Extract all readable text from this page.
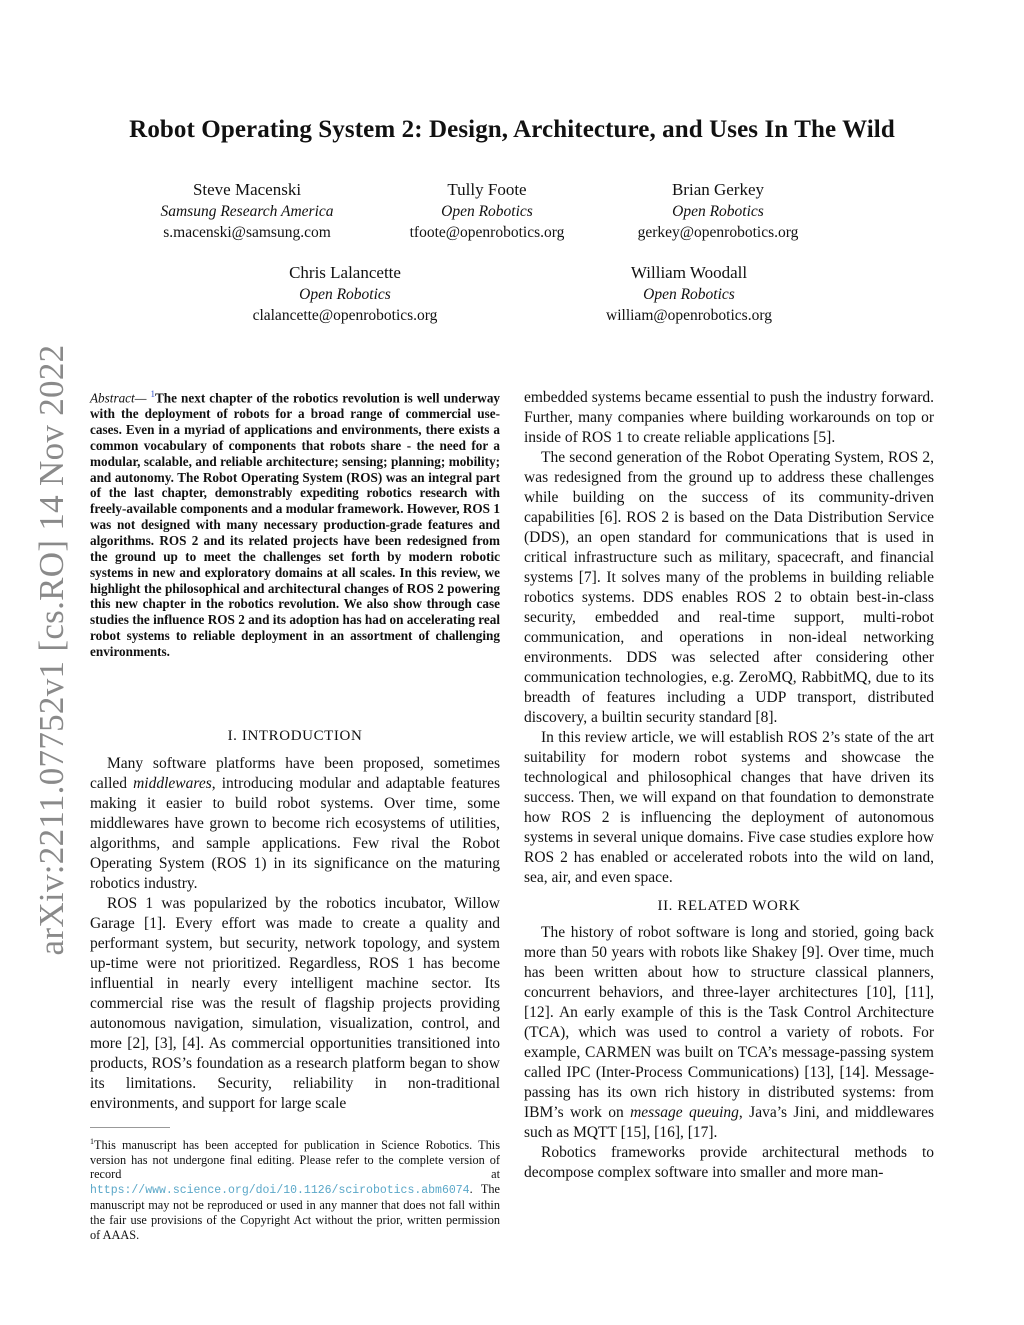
Robot Operating System 2: Design, Architecture, and Uses In The Wild
Steve Macenski
Samsung Research America
s.macenski@samsung.com
Tully Foote
Open Robotics
tfoote@openrobotics.org
Brian Gerkey
Open Robotics
gerkey@openrobotics.org
Chris Lalancette
Open Robotics
clalancette@openrobotics.org
William Woodall
Open Robotics
william@openrobotics.org
arXiv:2211.07752v1 [cs.RO] 14 Nov 2022 Abstract— $^1$The next chapter of the robotics revolution is well underway with the deployment of robots for a broad range of commercial use-cases. Even in a myriad of applications and environments, there exists a common vocabulary of components that robots share - the need for a modular, scalable, and reliable architecture; sensing; planning; mobility; and autonomy. The Robot Operating System (ROS) was an integral part of the last chapter, demonstrably expediting robotics research with freely-available components and a modular framework. However, ROS 1 was not designed with many necessary production-grade features and algorithms. ROS 2 and its related projects have been redesigned from the ground up to meet the challenges set forth by modern robotic systems in new and exploratory domains at all scales. In this review, we highlight the philosophical and architectural changes of ROS 2 powering this new chapter in the robotics revolution. We also show through case studies the influence ROS 2 and its adoption has had on accelerating real robot systems to reliable deployment in an assortment of challenging environments.
I. INTRODUCTION

Many software platforms have been proposed, sometimes called middlewares, introducing modular and adaptable features making it easier to build robot systems. Over time, some middlewares have grown to become rich ecosystems of utilities, algorithms, and sample applications. Few rival the Robot Operating System (ROS 1) in its significance on the maturing robotics industry.

ROS 1 was popularized by the robotics incubator, Willow Garage [1]. Every effort was made to create a quality and performant system, but security, network topology, and system up-time were not prioritized. Regardless, ROS 1 has become influential in nearly every intelligent machine sector. Its commercial rise was the result of flagship projects providing autonomous navigation, simulation, visualization, control, and more [2], [3], [4]. As commercial opportunities transitioned into products, ROS’s foundation as a research platform began to show its limitations. Security, reliability in non-traditional environments, and support for large scale

$^1$This manuscript has been accepted for publication in Science Robotics. This version has not undergone final editing. Please refer to the complete version of record at https://www.science.org/doi/10.1126/scirobotics.abm6074. The manuscript may not be reproduced or used in any manner that does not fall within the fair use provisions of the Copyright Act without the prior, written permission of AAAS.

embedded systems became essential to push the industry forward. Further, many companies where building workarounds on top or inside of ROS 1 to create reliable applications [5].

The second generation of the Robot Operating System, ROS 2, was redesigned from the ground up to address these challenges while building on the success of its community-driven capabilities [6]. ROS 2 is based on the Data Distribution Service (DDS), an open standard for communications that is used in critical infrastructure such as military, spacecraft, and financial systems [7]. It solves many of the problems in building reliable robotics systems. DDS enables ROS 2 to obtain best-in-class security, embedded and real-time support, multi-robot communication, and operations in non-ideal networking environments. DDS was selected after considering other communication technologies, e.g. ZeroMQ, RabbitMQ, due to its breadth of features including a UDP transport, distributed discovery, a builtin security standard [8].

In this review article, we will establish ROS 2’s state of the art suitability for modern robot systems and showcase the technological and philosophical changes that have driven its success. Then, we will expand on that foundation to demonstrate how ROS 2 is influencing the deployment of autonomous systems in several unique domains. Five case studies explore how ROS 2 has enabled or accelerated robots into the wild on land, sea, air, and even space.

II. RELATED WORK

The history of robot software is long and storied, going back more than 50 years with robots like Shakey [9]. Over time, much has been written about how to structure classical planners, concurrent behaviors, and three-layer architectures [10], [11], [12]. An early example of this is the Task Control Architecture (TCA), which was used to control a variety of robots. For example, CARMEN was built on TCA’s message-passing system called IPC (Inter-Process Communications) [13], [14]. Message-passing has its own rich history in distributed systems: from IBM’s work on message queuing, Java’s Jini, and middlewares such as MQTT [15], [16], [17].

Robotics frameworks provide architectural methods to decompose complex software into smaller and more man-
